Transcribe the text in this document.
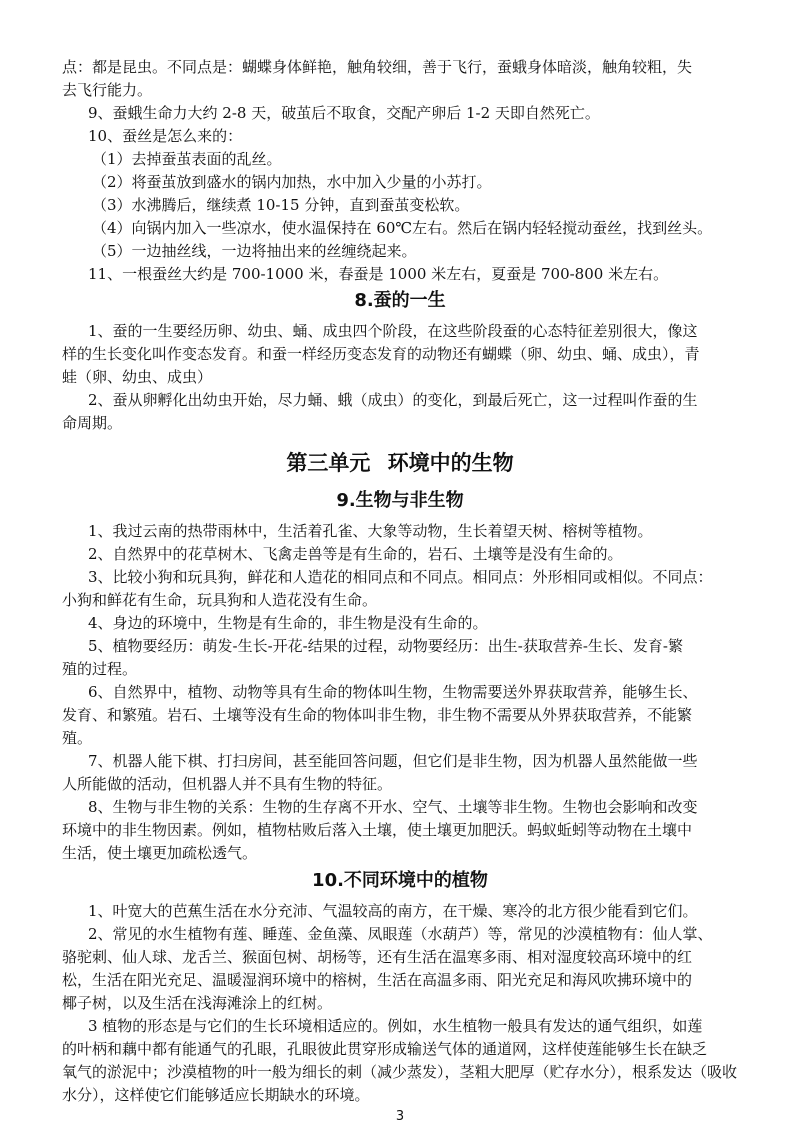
点：都是昆虫。不同点是：蝴蝶身体鲜艳，触角较细，善于飞行，蚕蛾身体暗淡，触角较粗，失
去飞行能力。
9、蚕蛾生命力大约 2-8 天，破茧后不取食，交配产卵后 1-2 天即自然死亡。
10、蚕丝是怎么来的：
（1）去掉蚕茧表面的乱丝。
（2）将蚕茧放到盛水的锅内加热，水中加入少量的小苏打。
（3）水沸腾后，继续煮 10-15 分钟，直到蚕茧变松软。
（4）向锅内加入一些凉水，使水温保持在 60℃左右。然后在锅内轻轻搅动蚕丝，找到丝头。
（5）一边抽丝线，一边将抽出来的丝缠绕起来。
11、一根蚕丝大约是 700-1000 米，春蚕是 1000 米左右，夏蚕是 700-800 米左右。
8.蚕的一生
1、蚕的一生要经历卵、幼虫、蛹、成虫四个阶段，在这些阶段蚕的心态特征差别很大，像这
样的生长变化叫作变态发育。和蚕一样经历变态发育的动物还有蝴蝶（卵、幼虫、蛹、成虫），青
蛙（卵、幼虫、成虫）
2、蚕从卵孵化出幼虫开始，尽力蛹、蛾（成虫）的变化，到最后死亡，这一过程叫作蚕的生
命周期。
第三单元 环境中的生物
9.生物与非生物
1、我过云南的热带雨林中，生活着孔雀、大象等动物，生长着望天树、榕树等植物。
2、自然界中的花草树木、飞禽走兽等是有生命的，岩石、土壤等是没有生命的。
3、比较小狗和玩具狗，鲜花和人造花的相同点和不同点。相同点：外形相同或相似。不同点：
小狗和鲜花有生命，玩具狗和人造花没有生命。
4、身边的环境中，生物是有生命的，非生物是没有生命的。
5、植物要经历：萌发-生长-开花-结果的过程，动物要经历：出生-获取营养-生长、发育-繁
殖的过程。
6、自然界中，植物、动物等具有生命的物体叫生物，生物需要送外界获取营养，能够生长、
发育、和繁殖。岩石、土壤等没有生命的物体叫非生物，非生物不需要从外界获取营养，不能繁
殖。
7、机器人能下棋、打扫房间，甚至能回答问题，但它们是非生物，因为机器人虽然能做一些
人所能做的活动，但机器人并不具有生物的特征。
8、生物与非生物的关系：生物的生存离不开水、空气、土壤等非生物。生物也会影响和改变
环境中的非生物因素。例如，植物枯败后落入土壤，使土壤更加肥沃。蚂蚁蚯蚓等动物在土壤中
生活，使土壤更加疏松透气。
10.不同环境中的植物
1、叶宽大的芭蕉生活在水分充沛、气温较高的南方，在干燥、寒冷的北方很少能看到它们。
2、常见的水生植物有莲、睡莲、金鱼藻、凤眼莲（水葫芦）等，常见的沙漠植物有：仙人掌、
骆驼刺、仙人球、龙舌兰、猴面包树、胡杨等，还有生活在温寒多雨、相对湿度较高环境中的红
松，生活在阳光充足、温暖湿润环境中的榕树，生活在高温多雨、阳光充足和海风吹拂环境中的
椰子树，以及生活在浅海滩涂上的红树。
3 植物的形态是与它们的生长环境相适应的。例如，水生植物一般具有发达的通气组织，如莲
的叶柄和藕中都有能通气的孔眼，孔眼彼此贯穿形成输送气体的通道网，这样使莲能够生长在缺乏
氧气的淤泥中；沙漠植物的叶一般为细长的刺（减少蒸发），茎粗大肥厚（贮存水分），根系发达（吸收
水分），这样使它们能够适应长期缺水的环境。
3
